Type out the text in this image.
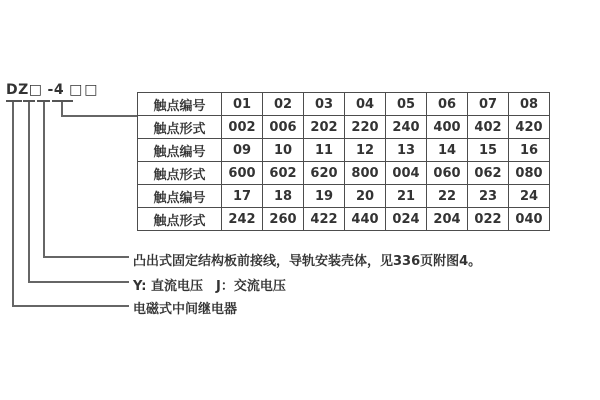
DZ□ -4 □□
触点编号	01	02	03	04	05	06	07	08
触点形式	002	006	202	220	240	400	402	420
触点编号	09	10	11	12	13	14	15	16
触点形式	600	602	620	800	004	060	062	080
触点编号	17	18	19	20	21	22	23	24
触点形式	242	260	422	440	024	204	022	040
凸出式固定结构板前接线，导轨安装壳体，见336页附图4。
Y: 直流电压　J：交流电压
电磁式中间继电器
